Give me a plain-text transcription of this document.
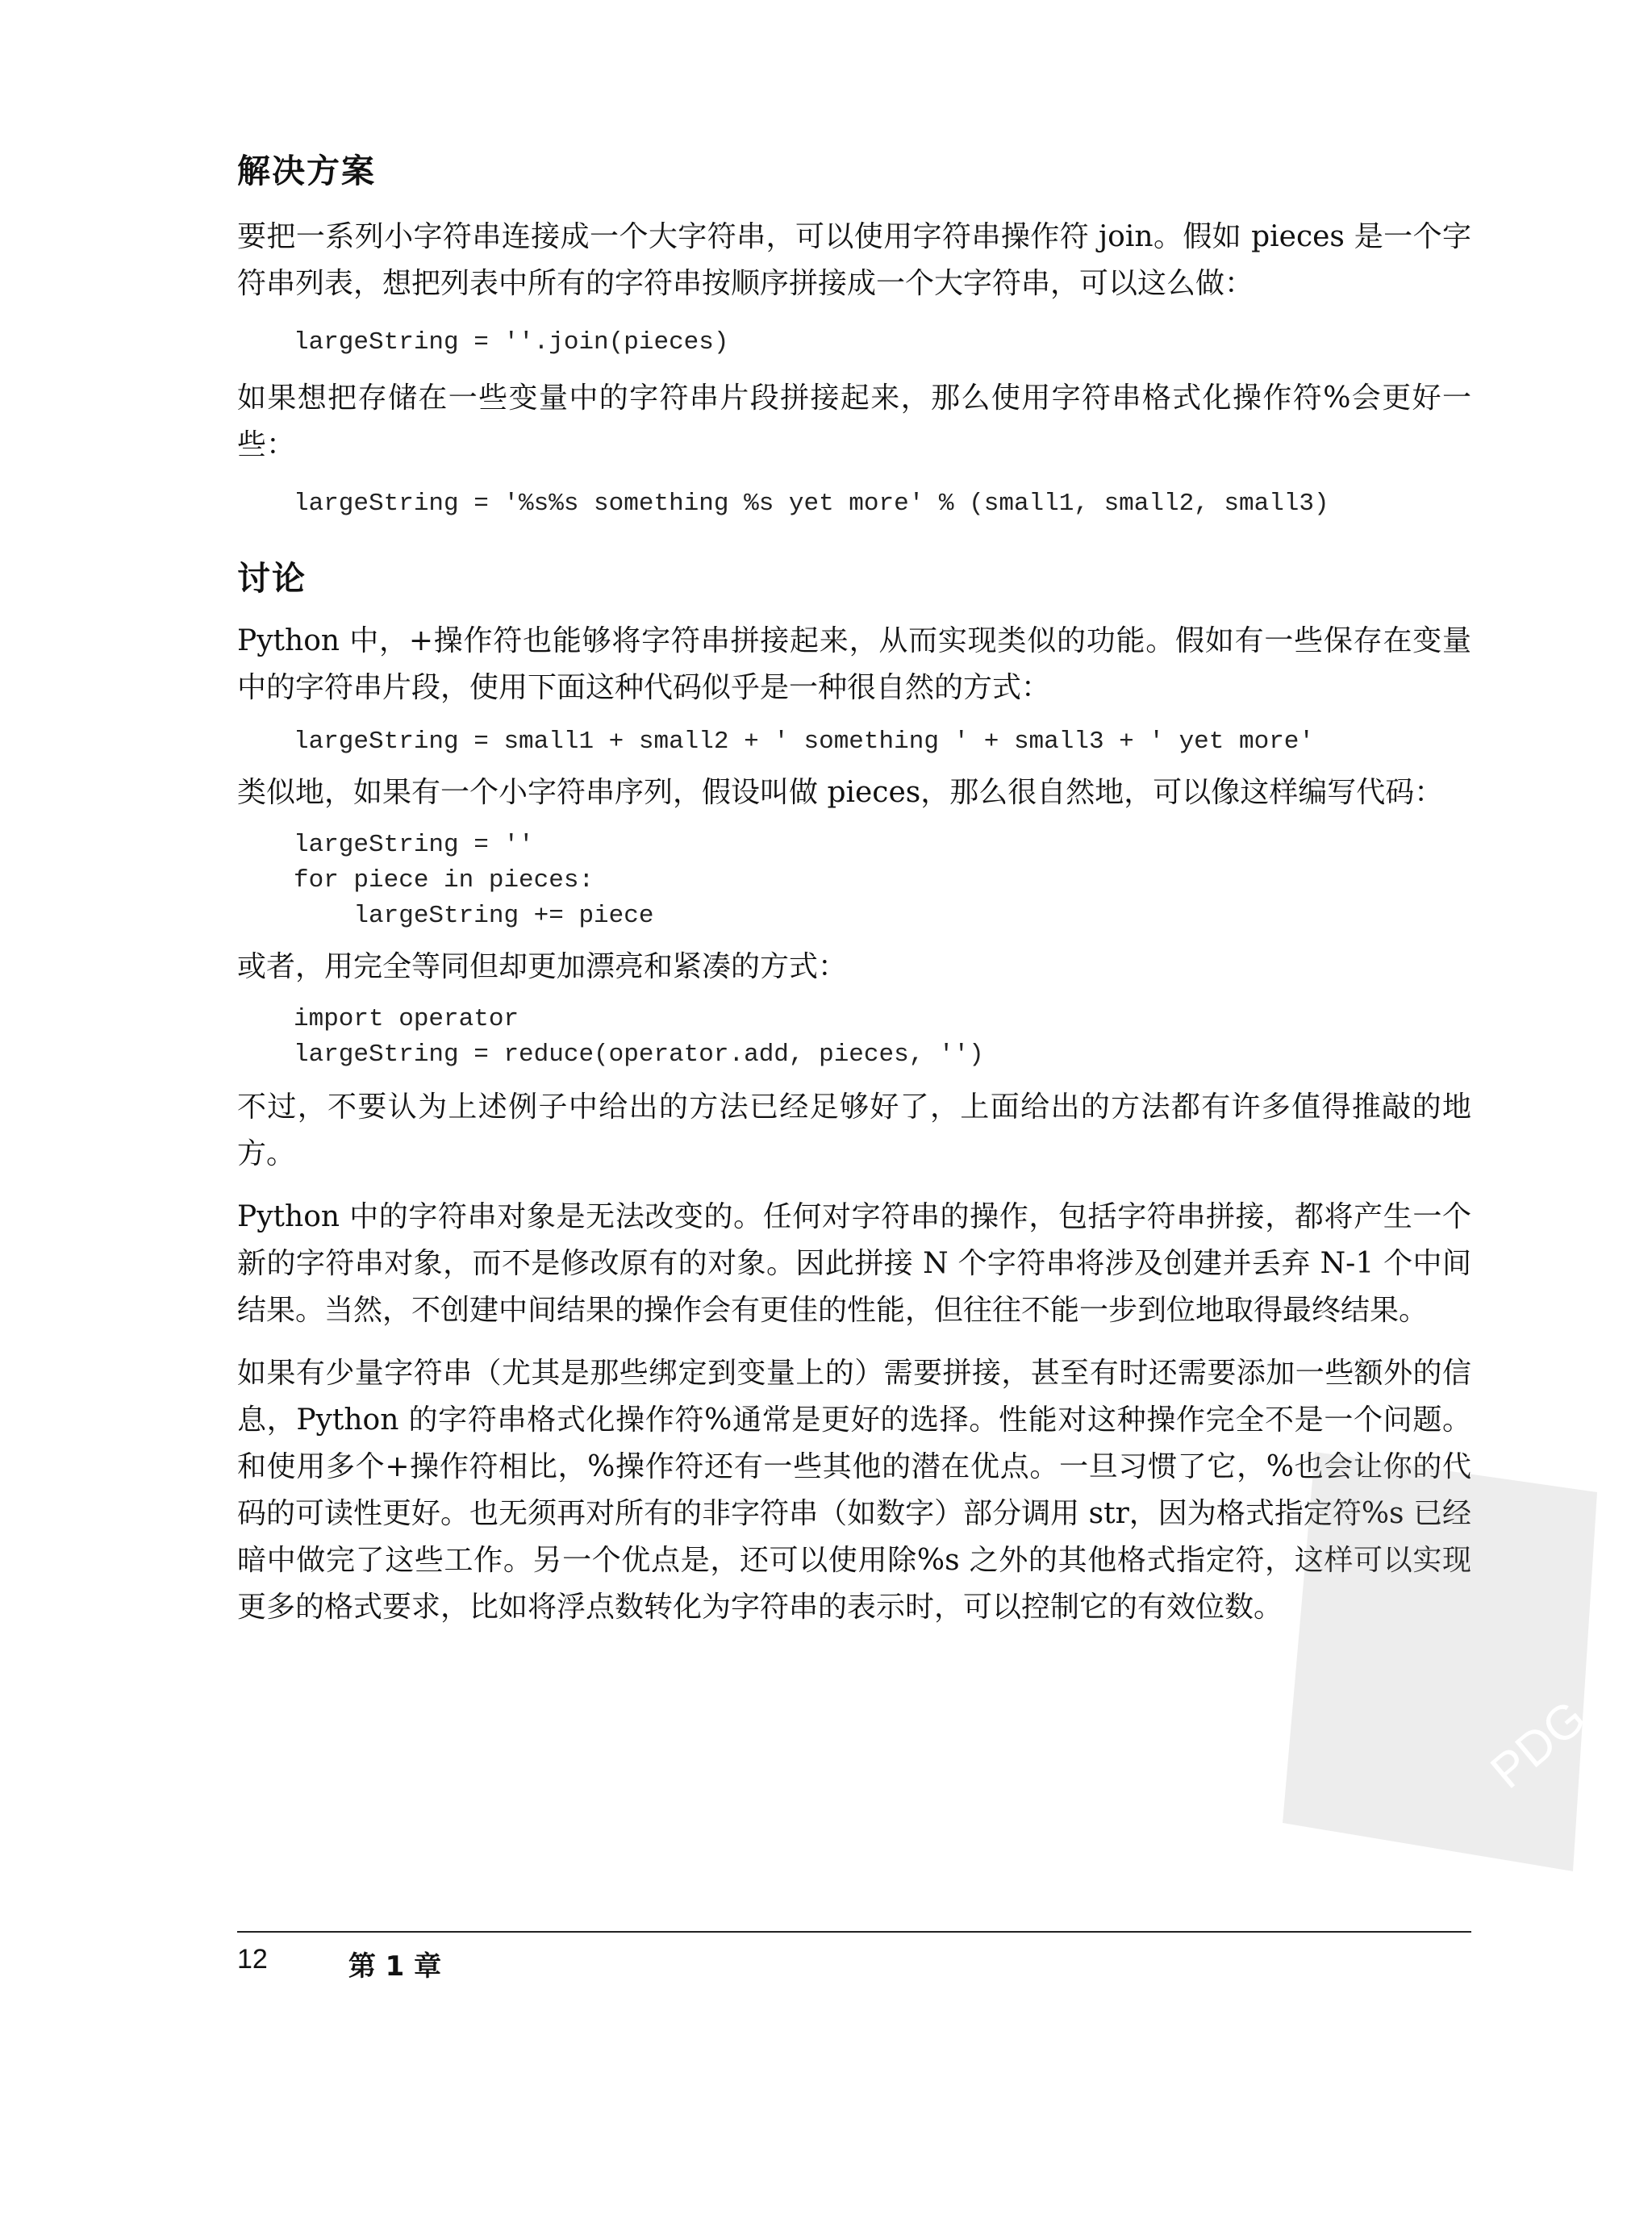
解决方案

要把一系列小字符串连接成一个大字符串，可以使用字符串操作符 join。假如 pieces 是一个字符串列表，想把列表中所有的字符串按顺序拼接成一个大字符串，可以这么做：

largeString = ''.join(pieces)

如果想把存储在一些变量中的字符串片段拼接起来，那么使用字符串格式化操作符%会更好一些：

largeString = '%s%s something %s yet more' % (small1, small2, small3)
讨论

Python 中，+操作符也能够将字符串拼接起来，从而实现类似的功能。假如有一些保存在变量中的字符串片段，使用下面这种代码似乎是一种很自然的方式：

largeString = small1 + small2 + ' something ' + small3 + ' yet more'

类似地，如果有一个小字符串序列，假设叫做 pieces，那么很自然地，可以像这样编写代码：

largeString = ''
for piece in pieces:
largeString += piece

或者，用完全等同但却更加漂亮和紧凑的方式：

import operator
largeString = reduce(operator.add, pieces, '')

不过，不要认为上述例子中给出的方法已经足够好了，上面给出的方法都有许多值得推敲的地方。

Python 中的字符串对象是无法改变的。任何对字符串的操作，包括字符串拼接，都将产生一个新的字符串对象，而不是修改原有的对象。因此拼接 N 个字符串将涉及创建并丢弃 N-1 个中间结果。当然，不创建中间结果的操作会有更佳的性能，但往往不能一步到位地取得最终结果。

如果有少量字符串（尤其是那些绑定到变量上的）需要拼接，甚至有时还需要添加一些额外的信息，Python 的字符串格式化操作符%通常是更好的选择。性能对这种操作完全不是一个问题。和使用多个+操作符相比，%操作符还有一些其他的潜在优点。一旦习惯了它，%也会让你的代码的可读性更好。也无须再对所有的非字符串（如数字）部分调用 str，因为格式指定符%s 已经暗中做完了这些工作。另一个优点是，还可以使用除%s 之外的其他格式指定符，这样可以实现更多的格式要求，比如将浮点数转化为字符串的表示时，可以控制它的有效位数。

PDG
12	第 1 章
